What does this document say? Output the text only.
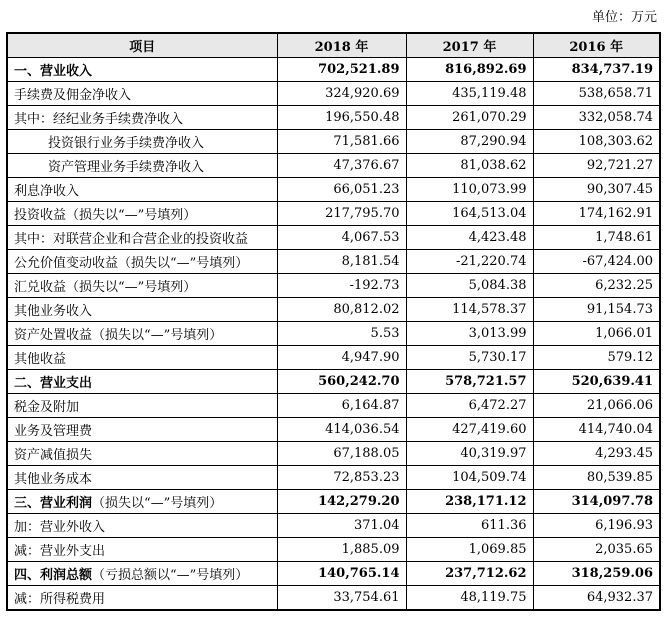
单位：万元
项目	2018 年	2017 年	2016 年
一、营业收入	702,521.89	816,892.69	834,737.19
手续费及佣金净收入	324,920.69	435,119.48	538,658.71
其中：经纪业务手续费净收入	196,550.48	261,070.29	332,058.74
投资银行业务手续费净收入	71,581.66	87,290.94	108,303.62
资产管理业务手续费净收入	47,376.67	81,038.62	92,721.27
利息净收入	66,051.23	110,073.99	90,307.45
投资收益（损失以“—”号填列）	217,795.70	164,513.04	174,162.91
其中：对联营企业和合营企业的投资收益	4,067.53	4,423.48	1,748.61
公允价值变动收益（损失以“—”号填列）	8,181.54	-21,220.74	-67,424.00
汇兑收益（损失以“—”号填列）	-192.73	5,084.38	6,232.25
其他业务收入	80,812.02	114,578.37	91,154.73
资产处置收益（损失以“—”号填列）	5.53	3,013.99	1,066.01
其他收益	4,947.90	5,730.17	579.12
二、营业支出	560,242.70	578,721.57	520,639.41
税金及附加	6,164.87	6,472.27	21,066.06
业务及管理费	414,036.54	427,419.60	414,740.04
资产减值损失	67,188.05	40,319.97	4,293.45
其他业务成本	72,853.23	104,509.74	80,539.85
三、营业利润（损失以“—”号填列）	142,279.20	238,171.12	314,097.78
加：营业外收入	371.04	611.36	6,196.93
减：营业外支出	1,885.09	1,069.85	2,035.65
四、利润总额（亏损总额以“—”号填列）	140,765.14	237,712.62	318,259.06
减：所得税费用	33,754.61	48,119.75	64,932.37
